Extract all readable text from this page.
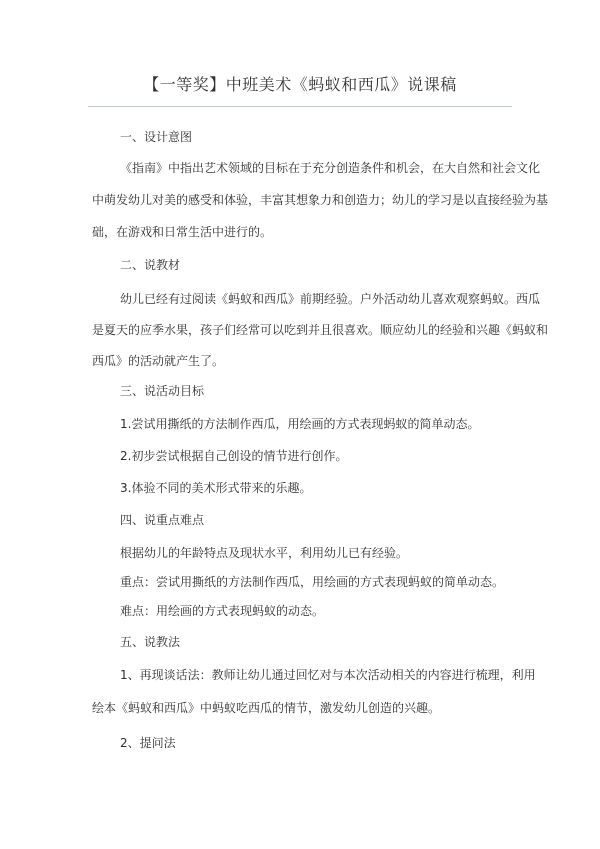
【一等奖】中班美术《蚂蚁和西瓜》说课稿
一、设计意图
《指南》中指出艺术领域的目标在于充分创造条件和机会，在大自然和社会文化
中萌发幼儿对美的感受和体验，丰富其想象力和创造力；幼儿的学习是以直接经验为基
础，在游戏和日常生活中进行的。
二、说教材
幼儿已经有过阅读《蚂蚁和西瓜》前期经验。户外活动幼儿喜欢观察蚂蚁。西瓜
是夏天的应季水果，孩子们经常可以吃到并且很喜欢。顺应幼儿的经验和兴趣《蚂蚁和
西瓜》的活动就产生了。
三、说活动目标
1.尝试用撕纸的方法制作西瓜，用绘画的方式表现蚂蚁的简单动态。
2.初步尝试根据自己创设的情节进行创作。
3.体验不同的美术形式带来的乐趣。
四、说重点难点
根据幼儿的年龄特点及现状水平，利用幼儿已有经验。
重点：尝试用撕纸的方法制作西瓜，用绘画的方式表现蚂蚁的简单动态。
难点：用绘画的方式表现蚂蚁的动态。
五、说教法
1、再现谈话法：教师让幼儿通过回忆对与本次活动相关的内容进行梳理，利用
绘本《蚂蚁和西瓜》中蚂蚁吃西瓜的情节，激发幼儿创造的兴趣。
2、提问法
